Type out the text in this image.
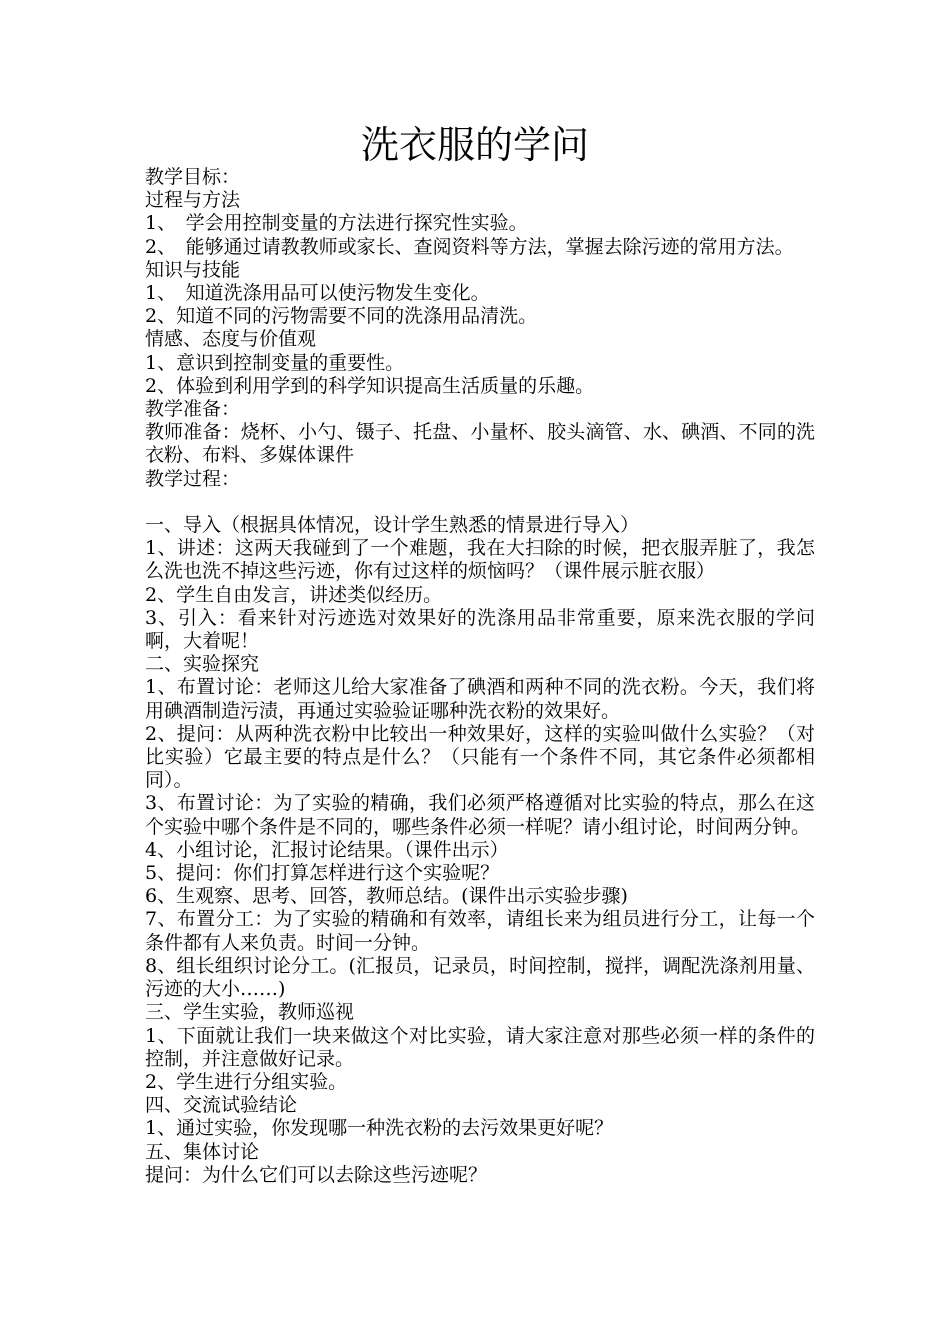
洗衣服的学问

教学目标：

过程与方法

1、　学会用控制变量的方法进行探究性实验。

2、　能够通过请教教师或家长、查阅资料等方法，掌握去除污迹的常用方法。

知识与技能

1、　知道洗涤用品可以使污物发生变化。

2、知道不同的污物需要不同的洗涤用品清洗。

情感、态度与价值观

1、意识到控制变量的重要性。

2、体验到利用学到的科学知识提高生活质量的乐趣。

教学准备：

教师准备：烧杯、小勺、镊子、托盘、小量杯、胶头滴管、水、碘酒、不同的洗衣粉、布料、多媒体课件

教学过程：

一、导入（根据具体情况，设计学生熟悉的情景进行导入）

1、讲述：这两天我碰到了一个难题，我在大扫除的时候，把衣服弄脏了，我怎么洗也洗不掉这些污迹，你有过这样的烦恼吗？（课件展示脏衣服）

2、学生自由发言，讲述类似经历。

3、引入：看来针对污迹选对效果好的洗涤用品非常重要，原来洗衣服的学问啊，大着呢！

二、实验探究

1、布置讨论：老师这儿给大家准备了碘酒和两种不同的洗衣粉。今天，我们将用碘酒制造污渍，再通过实验验证哪种洗衣粉的效果好。

2、提问：从两种洗衣粉中比较出一种效果好，这样的实验叫做什么实验？（对比实验）它最主要的特点是什么？（只能有一个条件不同，其它条件必须都相同）。

3、布置讨论：为了实验的精确，我们必须严格遵循对比实验的特点，那么在这个实验中哪个条件是不同的，哪些条件必须一样呢？请小组讨论，时间两分钟。

4、小组讨论，汇报讨论结果。（课件出示）

5、提问：你们打算怎样进行这个实验呢？

6、生观察、思考、回答，教师总结。(课件出示实验步骤)

7、布置分工：为了实验的精确和有效率，请组长来为组员进行分工，让每一个条件都有人来负责。时间一分钟。

8、组长组织讨论分工。(汇报员，记录员，时间控制，搅拌，调配洗涤剂用量、污迹的大小……)

三、学生实验，教师巡视

1、下面就让我们一块来做这个对比实验，请大家注意对那些必须一样的条件的控制，并注意做好记录。

2、学生进行分组实验。

四、交流试验结论

1、通过实验，你发现哪一种洗衣粉的去污效果更好呢？

五、集体讨论

提问：为什么它们可以去除这些污迹呢？
